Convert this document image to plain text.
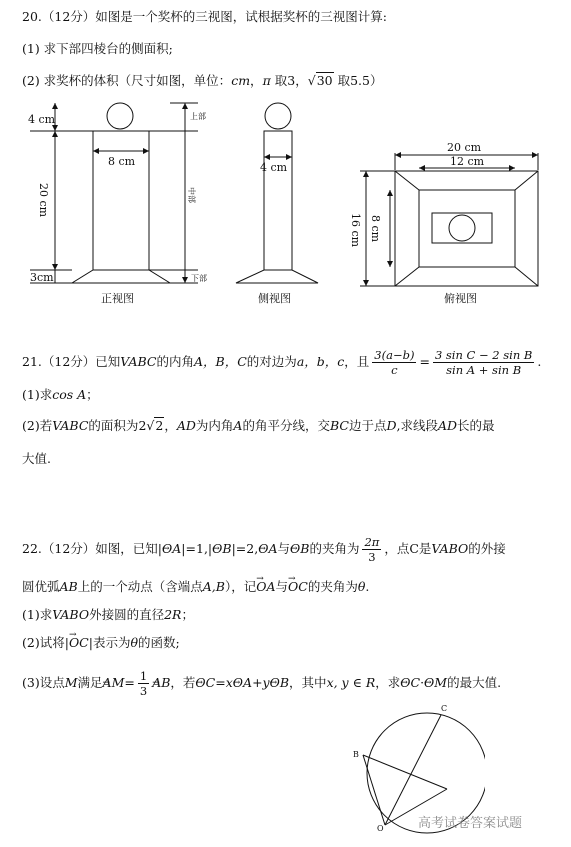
20.（12分）如图是一个奖杯的三视图，试根据奖杯的三视图计算:
(1) 求下部四棱台的侧面积;
(2) 求奖杯的体积（尺寸如图，单位：cm，π 取3，√30 取5.5）
4 cm
8 cm
20 cm
3cm
上部
中部
下部
正视图
4 cm
侧视图
20 cm
12 cm
16 cm 8 cm
俯视图
21.（12分）已知VABC的内角A，B，C的对边为a，b，c，且 $\frac{3(a-b)}{c} = \frac{\text{3 sin C − 2 sin B}}{\text{sin A + sin B}}$ .
(1)求cos A；
(2)若VABC的面积为2√2，AD为内角A的角平分线，交BC边于点D,求线段AD长的最
大值.
22.（12分）如图，已知|→ OA|=1,|→ OB|=2,→ OA与→ OB的夹角为 $\frac{2\pi}{3}$ ，点C是VABO的外接
圆优弧AB上的一个动点（含端点A,B），记→ OA与→ OC的夹角为θ.
(1)求VABO外接圆的直径2R；
(2)试将|→ OC|表示为θ的函数;
(3)设点M满足→ $AM= \frac{1}{3}$
→ AB，若→ OC=x→ OA+y→ OB，其中x, y ∈ R，求→ OC·→ OM的最大值.
C
B
O	高考试卷答案试题
